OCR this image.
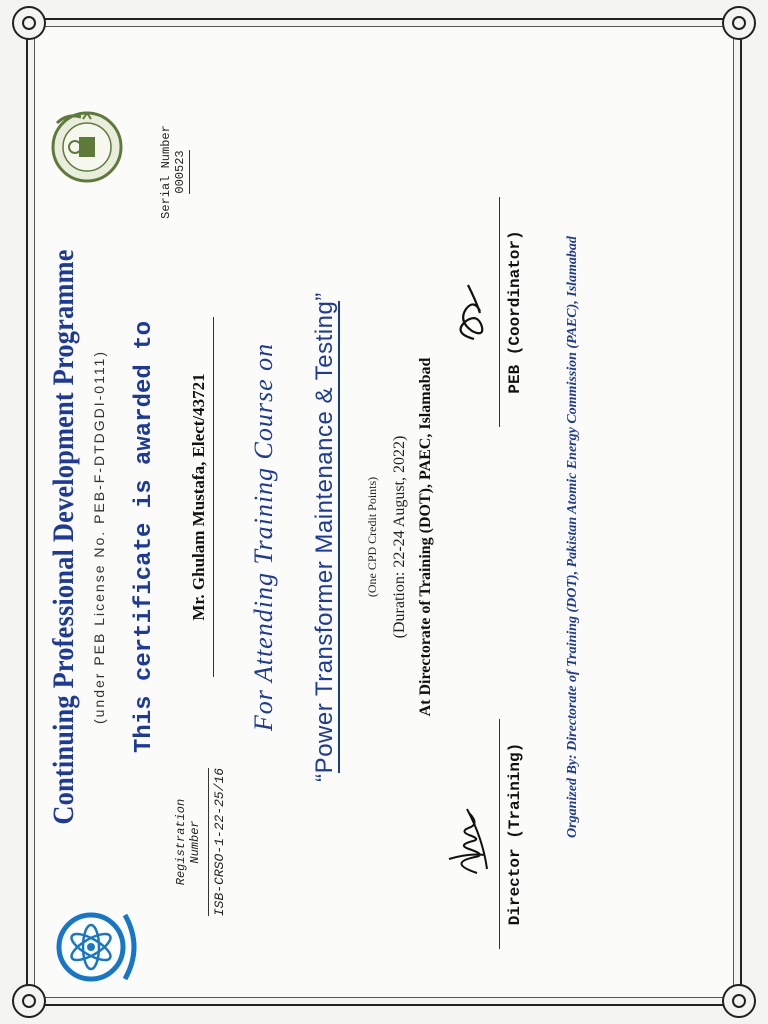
Serial Number 000523
Registration Number ISB-CRSO-1-22-25/16
Continuing Professional Development Programme (under PEB License No. PEB-F-DTDGDI-0111) This certificate is awarded to Mr. Ghulam Mustafa, Elect/43721 For Attending Training Course on
“Power Transformer Maintenance & Testing”
(One CPD Credit Points) (Duration: 22-24 August, 2022) At Directorate of Training (DOT), PAEC, Islamabad
PEB (Coordinator)
Director (Training)	Organized By: Directorate of Training (DOT), Pakistan Atomic Energy Commission (PAEC), Islamabad
